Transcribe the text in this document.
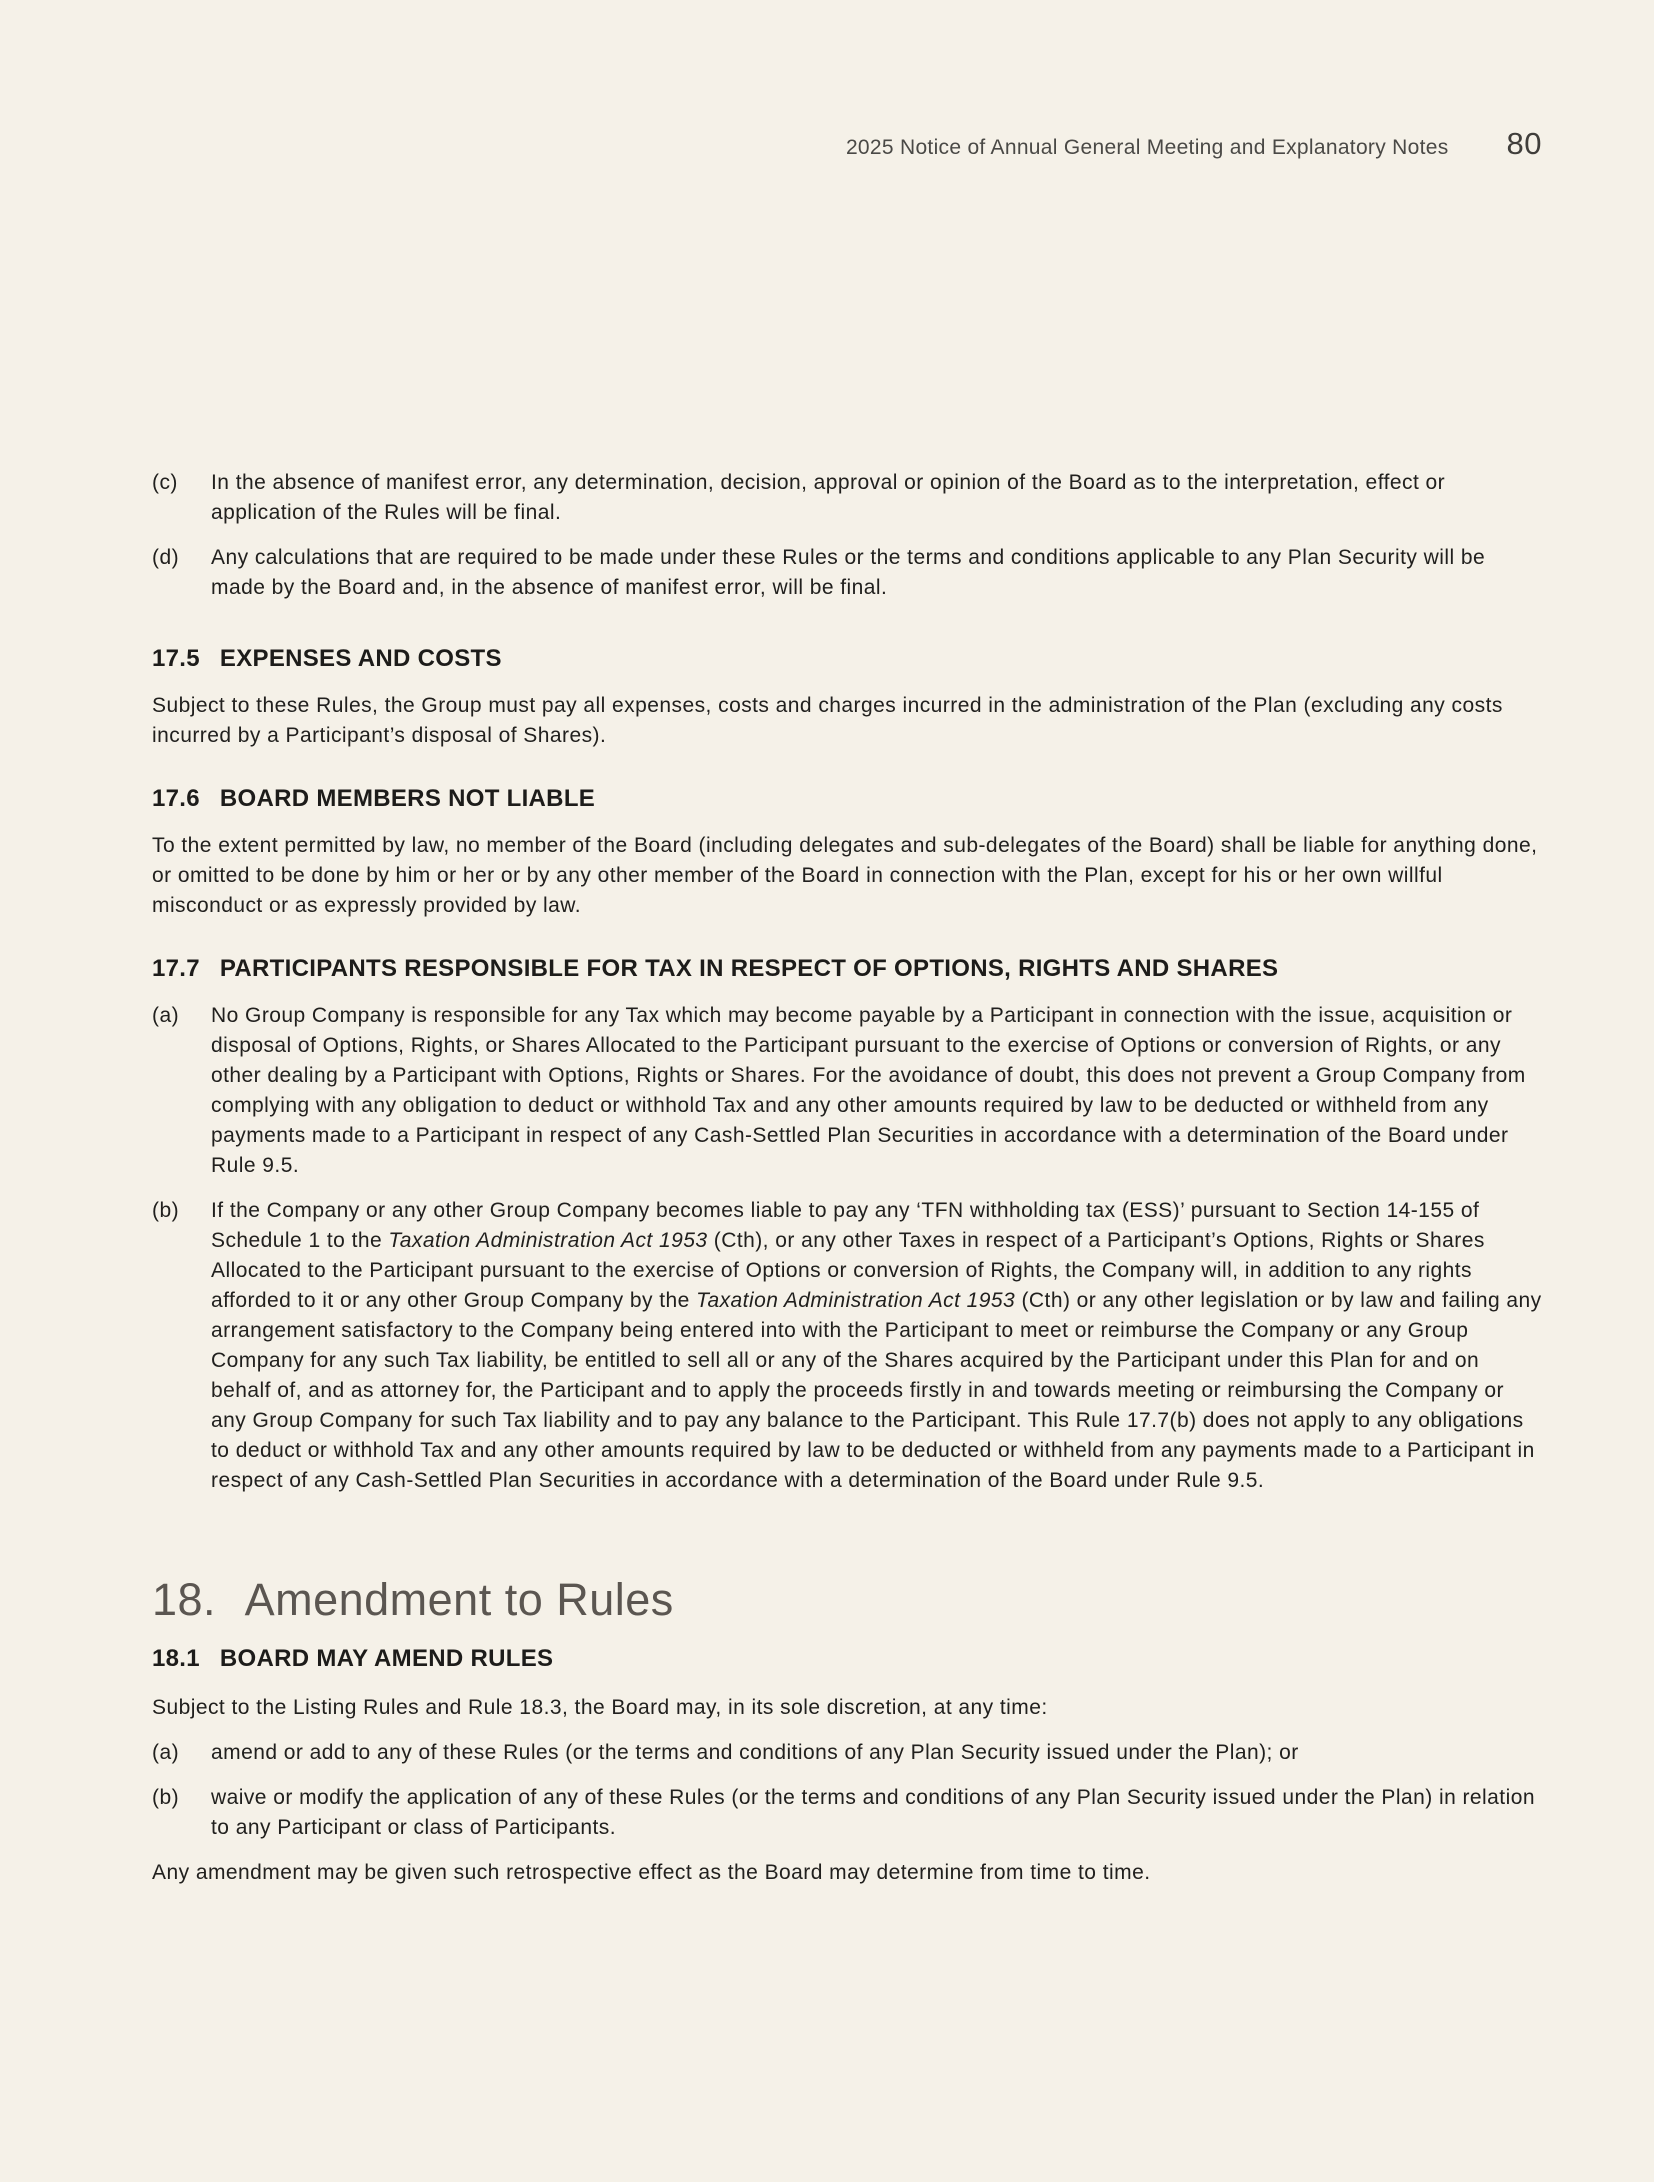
2025 Notice of Annual General Meeting and Explanatory Notes 80
(c)	In the absence of manifest error, any determination, decision, approval or opinion of the Board as to the interpretation, effect or application of the Rules will be final.
(d)	Any calculations that are required to be made under these Rules or the terms and conditions applicable to any Plan Security will be made by the Board and, in the absence of manifest error, will be final.
17.5 EXPENSES AND COSTS

Subject to these Rules, the Group must pay all expenses, costs and charges incurred in the administration of the Plan (excluding any costs incurred by a Participant’s disposal of Shares).

17.6 BOARD MEMBERS NOT LIABLE

To the extent permitted by law, no member of the Board (including delegates and sub-delegates of the Board) shall be liable for anything done, or omitted to be done by him or her or by any other member of the Board in connection with the Plan, except for his or her own willful misconduct or as expressly provided by law.

17.7 PARTICIPANTS RESPONSIBLE FOR TAX IN RESPECT OF OPTIONS, RIGHTS AND SHARES
(a)	No Group Company is responsible for any Tax which may become payable by a Participant in connection with the issue, acquisition or disposal of Options, Rights, or Shares Allocated to the Participant pursuant to the exercise of Options or conversion of Rights, or any other dealing by a Participant with Options, Rights or Shares. For the avoidance of doubt, this does not prevent a Group Company from complying with any obligation to deduct or withhold Tax and any other amounts required by law to be deducted or withheld from any payments made to a Participant in respect of any Cash-Settled Plan Securities in accordance with a determination of the Board under Rule 9.5.
(b)	If the Company or any other Group Company becomes liable to pay any ‘TFN withholding tax (ESS)’ pursuant to Section 14-155 of Schedule 1 to the Taxation Administration Act 1953 (Cth), or any other Taxes in respect of a Participant’s Options, Rights or Shares Allocated to the Participant pursuant to the exercise of Options or conversion of Rights, the Company will, in addition to any rights afforded to it or any other Group Company by the Taxation Administration Act 1953 (Cth) or any other legislation or by law and failing any arrangement satisfactory to the Company being entered into with the Participant to meet or reimburse the Company or any Group Company for any such Tax liability, be entitled to sell all or any of the Shares acquired by the Participant under this Plan for and on behalf of, and as attorney for, the Participant and to apply the proceeds firstly in and towards meeting or reimbursing the Company or any Group Company for such Tax liability and to pay any balance to the Participant. This Rule 17.7(b) does not apply to any obligations to deduct or withhold Tax and any other amounts required by law to be deducted or withheld from any payments made to a Participant in respect of any Cash-Settled Plan Securities in accordance with a determination of the Board under Rule 9.5.
18. Amendment to Rules
18.1 BOARD MAY AMEND RULES

Subject to the Listing Rules and Rule 18.3, the Board may, in its sole discretion, at any time:

(a)	amend or add to any of these Rules (or the terms and conditions of any Plan Security issued under the Plan); or
(b)	waive or modify the application of any of these Rules (or the terms and conditions of any Plan Security issued under the Plan) in relation to any Participant or class of Participants.

Any amendment may be given such retrospective effect as the Board may determine from time to time.
